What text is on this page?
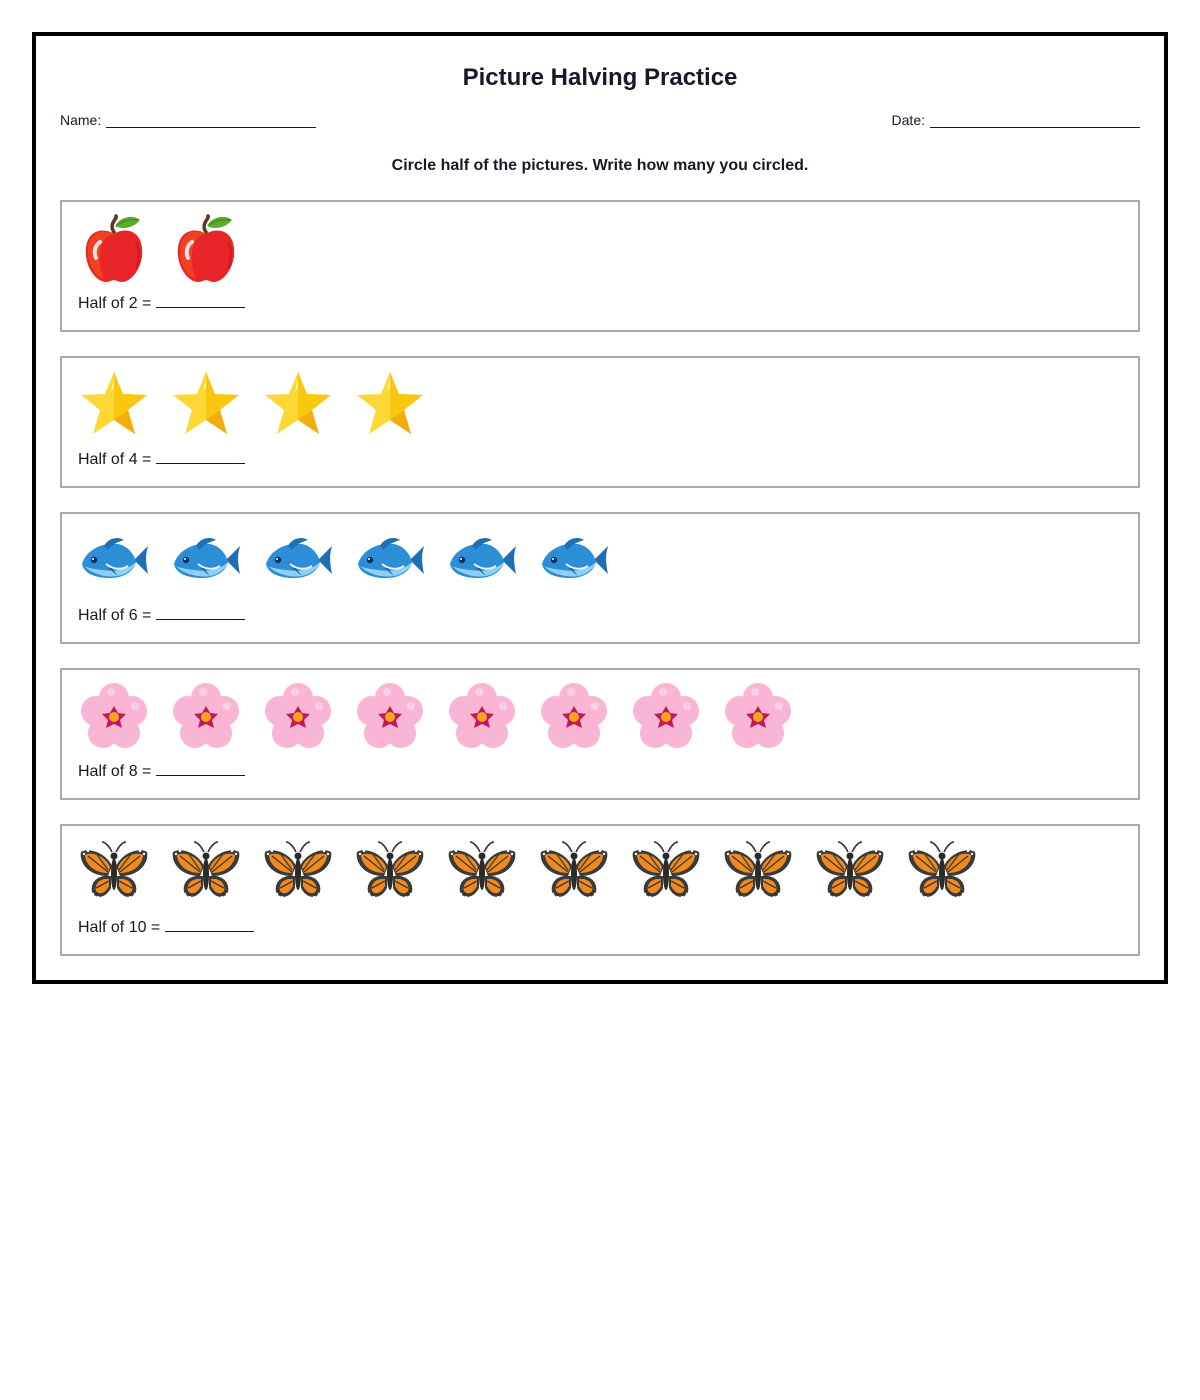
Picture Halving Practice
Name:	Date:
Circle half of the pictures. Write how many you circled.
Half of 2 =
Half of 4 =
Half of 6 =
Half of 8 =
Half of 10 =
